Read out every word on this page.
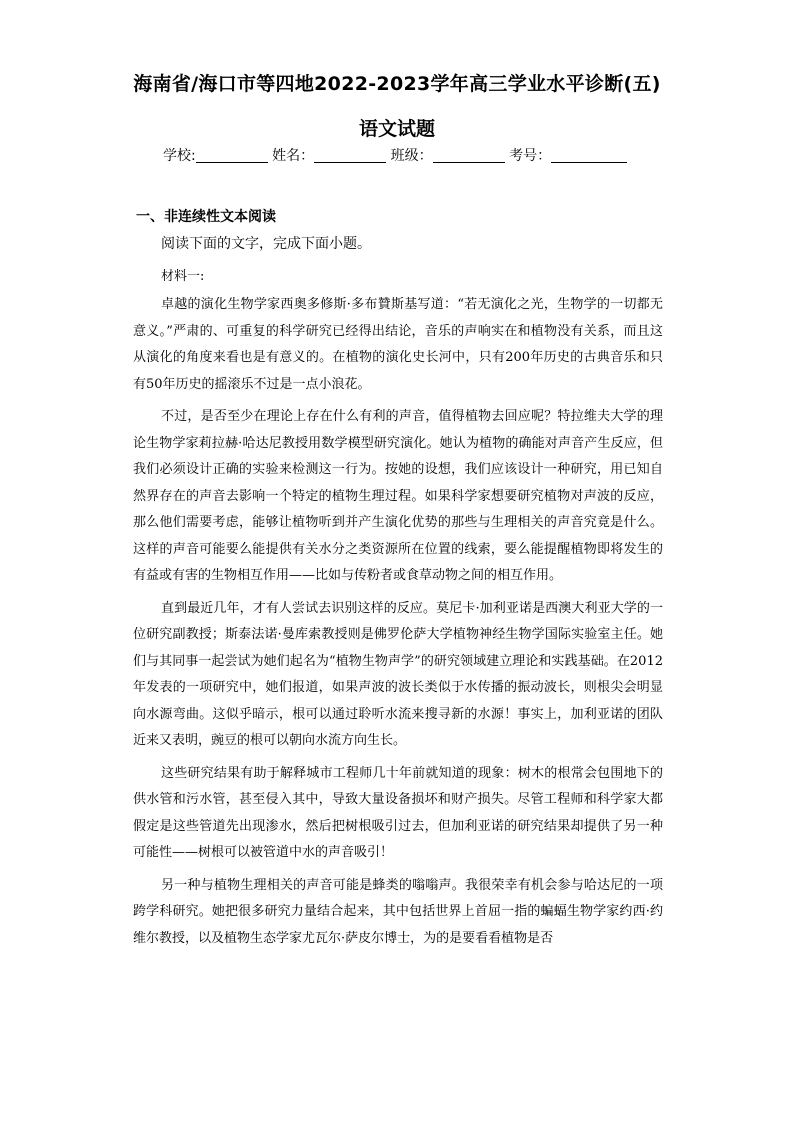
海南省/海口市等四地2022-2023学年高三学业水平诊断(五)
语文试题
学校:	姓名：	班级：	考号：
一、非连续性文本阅读

阅读下面的文字，完成下面小题。

材料一:

卓越的演化生物学家西奥多修斯·多布贊斯基写道：“若无演化之光，生物学的一切都无意义。”严肃的、可重复的科学研究已经得出结论，音乐的声响实在和植物没有关系，而且这从演化的角度来看也是有意义的。在植物的演化史长河中，只有200年历史的古典音乐和只有50年历史的摇滚乐不过是一点小浪花。

不过，是否至少在理论上存在什么有利的声音，值得植物去回应呢？特拉维夫大学的理论生物学家莉拉赫·哈达尼教授用数学模型研究演化。她认为植物的确能对声音产生反应，但我们必须设计正确的实验来检测这一行为。按她的设想，我们应该设计一种研究，用已知自然界存在的声音去影响一个特定的植物生理过程。如果科学家想要研究植物对声波的反应，那么他们需要考虑，能够让植物听到并产生演化优势的那些与生理相关的声音究竟是什么。这样的声音可能要么能提供有关水分之类资源所在位置的线索，要么能提醒植物即将发生的有益或有害的生物相互作用——比如与传粉者或食草动物之间的相互作用。

直到最近几年，才有人尝试去识别这样的反应。莫尼卡·加利亚诺是西澳大利亚大学的一位研究副教授；斯泰法诺·曼库索教授则是佛罗伦萨大学植物神经生物学国际实验室主任。她们与其同事一起尝试为她们起名为“植物生物声学”的研究领域建立理论和实践基础。在2012年发表的一项研究中，她们报道，如果声波的波长类似于水传播的振动波长，则根尖会明显向水源弯曲。这似乎暗示，根可以通过聆听水流来搜寻新的水源！事实上，加利亚诺的团队近来又表明，豌豆的根可以朝向水流方向生长。

这些研究结果有助于解释城市工程师几十年前就知道的现象：树木的根常会包围地下的供水管和污水管，甚至侵入其中，导致大量设备损坏和财产损失。尽管工程师和科学家大都假定是这些管道先出现渗水，然后把树根吸引过去，但加利亚诺的研究结果却提供了另一种可能性——树根可以被管道中水的声音吸引！

另一种与植物生理相关的声音可能是蜂类的嗡嗡声。我很荣幸有机会参与哈达尼的一项跨学科研究。她把很多研究力量结合起来，其中包括世界上首屈一指的蝙蝠生物学家约西·约维尔教授，以及植物生态学家尤瓦尔·萨皮尔博士，为的是要看看植物是否
